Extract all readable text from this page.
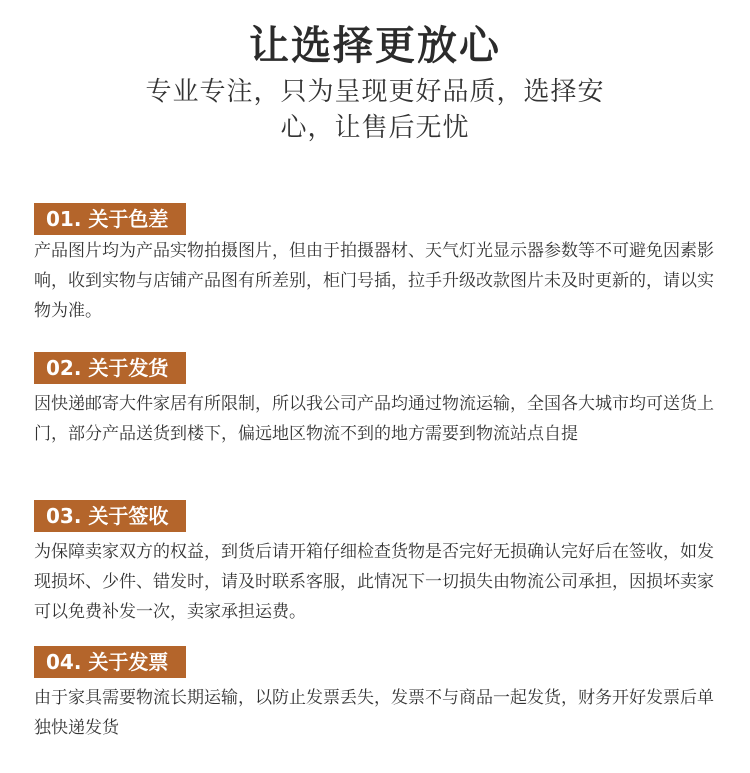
让选择更放心
专业专注，只为呈现更好品质，选择安心，让售后无忧
01. 关于色差
产品图片均为产品实物拍摄图片，但由于拍摄器材、天气灯光显示器参数等不可避免因素影响，收到实物与店铺产品图有所差别，柜门号插，拉手升级改款图片未及时更新的，请以实物为准。
02. 关于发货
因快递邮寄大件家居有所限制，所以我公司产品均通过物流运输，全国各大城市均可送货上门，部分产品送货到楼下，偏远地区物流不到的地方需要到物流站点自提
03. 关于签收
为保障卖家双方的权益，到货后请开箱仔细检查货物是否完好无损确认完好后在签收，如发现损坏、少件、错发时，请及时联系客服，此情况下一切损失由物流公司承担，因损坏卖家可以免费补发一次，卖家承担运费。
04. 关于发票
由于家具需要物流长期运输，以防止发票丢失，发票不与商品一起发货，财务开好发票后单独快递发货
